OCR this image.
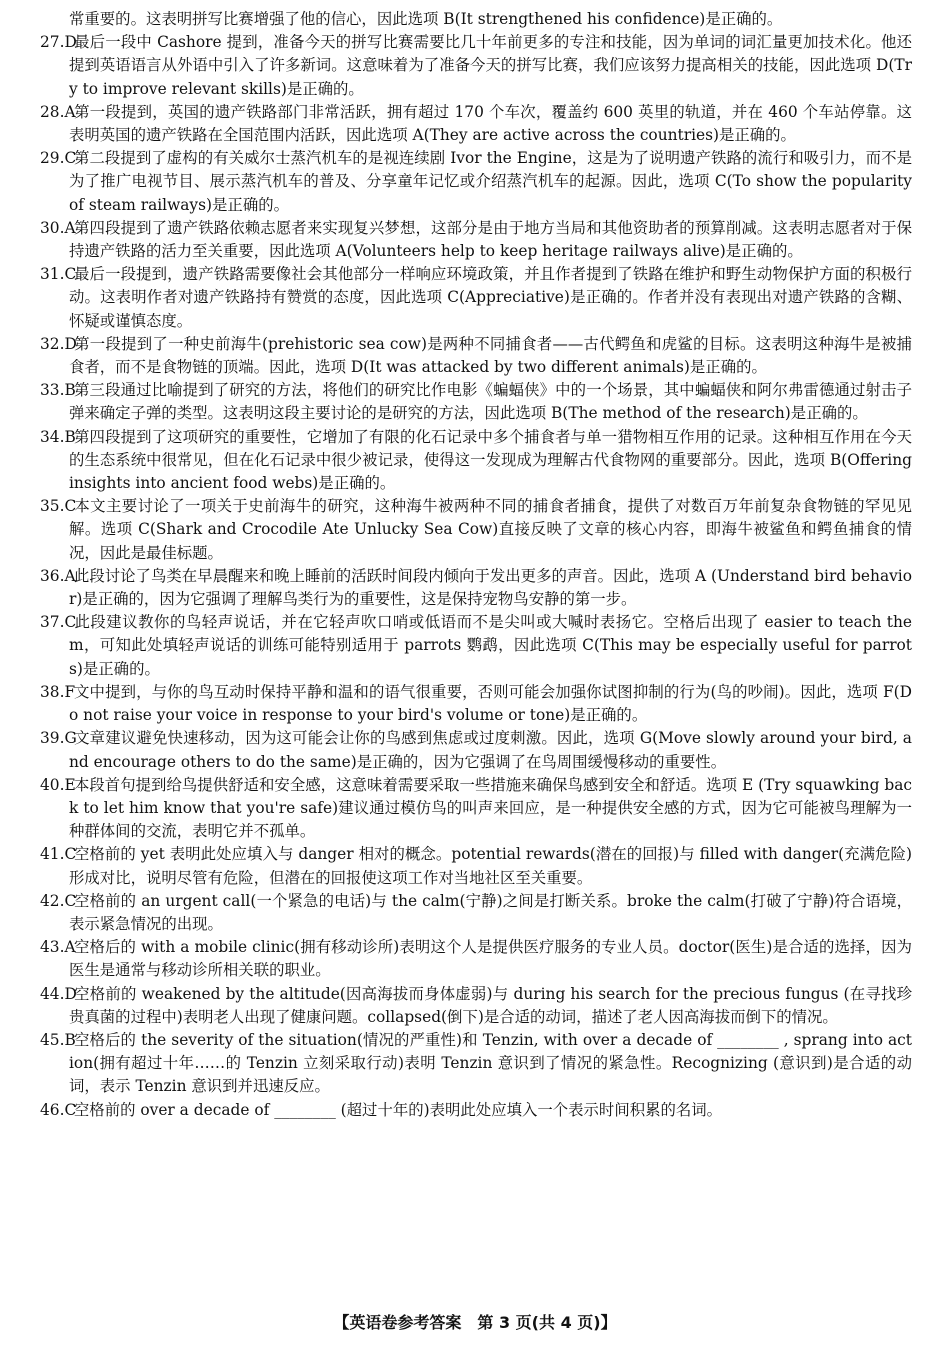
常重要的。这表明拼写比赛增强了他的信心，因此选项 B(It strengthened his confidence)是正确的。
27.D 最后一段中 Cashore 提到，准备今天的拼写比赛需要比几十年前更多的专注和技能，因为单词的词汇量更加技术化。他还提到英语语言从外语中引入了许多新词。这意味着为了准备今天的拼写比赛，我们应该努力提高相关的技能，因此选项 D(Try to improve relevant skills)是正确的。
28.A 第一段提到，英国的遗产铁路部门非常活跃，拥有超过 170 个车次，覆盖约 600 英里的轨道，并在 460 个车站停靠。这表明英国的遗产铁路在全国范围内活跃，因此选项 A(They are active across the countries)是正确的。
29.C 第二段提到了虚构的有关威尔士蒸汽机车的是视连续剧 Ivor the Engine，这是为了说明遗产铁路的流行和吸引力，而不是为了推广电视节目、展示蒸汽机车的普及、分享童年记忆或介绍蒸汽机车的起源。因此，选项 C(To show the popularity of steam railways)是正确的。
30.A 第四段提到了遗产铁路依赖志愿者来实现复兴梦想，这部分是由于地方当局和其他资助者的预算削减。这表明志愿者对于保持遗产铁路的活力至关重要，因此选项 A(Volunteers help to keep heritage railways alive)是正确的。
31.C 最后一段提到，遗产铁路需要像社会其他部分一样响应环境政策，并且作者提到了铁路在维护和野生动物保护方面的积极行动。这表明作者对遗产铁路持有赞赏的态度，因此选项 C(Appreciative)是正确的。作者并没有表现出对遗产铁路的含糊、怀疑或谨慎态度。
32.D 第一段提到了一种史前海牛(prehistoric sea cow)是两种不同捕食者——古代鳄鱼和虎鲨的目标。这表明这种海牛是被捕食者，而不是食物链的顶端。因此，选项 D(It was attacked by two different animals)是正确的。
33.B 第三段通过比喻提到了研究的方法，将他们的研究比作电影《蝙蝠侠》中的一个场景，其中蝙蝠侠和阿尔弗雷德通过射击子弹来确定子弹的类型。这表明这段主要讨论的是研究的方法，因此选项 B(The method of the research)是正确的。
34.B 第四段提到了这项研究的重要性，它增加了有限的化石记录中多个捕食者与单一猎物相互作用的记录。这种相互作用在今天的生态系统中很常见，但在化石记录中很少被记录，使得这一发现成为理解古代食物网的重要部分。因此，选项 B(Offering insights into ancient food webs)是正确的。
35.C 本文主要讨论了一项关于史前海牛的研究，这种海牛被两种不同的捕食者捕食，提供了对数百万年前复杂食物链的罕见见解。选项 C(Shark and Crocodile Ate Unlucky Sea Cow)直接反映了文章的核心内容，即海牛被鲨鱼和鳄鱼捕食的情况，因此是最佳标题。
36.A 此段讨论了鸟类在早晨醒来和晚上睡前的活跃时间段内倾向于发出更多的声音。因此，选项 A (Understand bird behavior)是正确的，因为它强调了理解鸟类行为的重要性，这是保持宠物鸟安静的第一步。
37.C 此段建议教你的鸟轻声说话，并在它轻声吹口哨或低语而不是尖叫或大喊时表扬它。空格后出现了 easier to teach them，可知此处填轻声说话的训练可能特别适用于 parrots 鹦鹉，因此选项 C(This may be especially useful for parrots)是正确的。
38.F 文中提到，与你的鸟互动时保持平静和温和的语气很重要，否则可能会加强你试图抑制的行为(鸟的吵闹)。因此，选项 F(Do not raise your voice in response to your bird's volume or tone)是正确的。
39.G 文章建议避免快速移动，因为这可能会让你的鸟感到焦虑或过度刺激。因此，选项 G(Move slowly around your bird, and encourage others to do the same)是正确的，因为它强调了在鸟周围缓慢移动的重要性。
40.E 本段首句提到给鸟提供舒适和安全感，这意味着需要采取一些措施来确保鸟感到安全和舒适。选项 E (Try squawking back to let him know that you're safe)建议通过模仿鸟的叫声来回应，是一种提供安全感的方式，因为它可能被鸟理解为一种群体间的交流，表明它并不孤单。
41.C 空格前的 yet 表明此处应填入与 danger 相对的概念。potential rewards(潜在的回报)与 filled with danger(充满危险)形成对比，说明尽管有危险，但潜在的回报使这项工作对当地社区至关重要。
42.C 空格前的 an urgent call(一个紧急的电话)与 the calm(宁静)之间是打断关系。broke the calm(打破了宁静)符合语境，表示紧急情况的出现。
43.A 空格后的 with a mobile clinic(拥有移动诊所)表明这个人是提供医疗服务的专业人员。doctor(医生)是合适的选择，因为医生是通常与移动诊所相关联的职业。
44.D 空格前的 weakened by the altitude(因高海拔而身体虚弱)与 during his search for the precious fungus (在寻找珍贵真菌的过程中)表明老人出现了健康问题。collapsed(倒下)是合适的动词，描述了老人因高海拔而倒下的情况。
45.B 空格后的 the severity of the situation(情况的严重性)和 Tenzin, with over a decade of ________ , sprang into action(拥有超过十年……的 Tenzin 立刻采取行动)表明 Tenzin 意识到了情况的紧急性。Recognizing (意识到)是合适的动词，表示 Tenzin 意识到并迅速反应。
46.C 空格前的 over a decade of ________ (超过十年的)表明此处应填入一个表示时间积累的名词。
【英语卷参考答案　第 3 页(共 4 页)】
